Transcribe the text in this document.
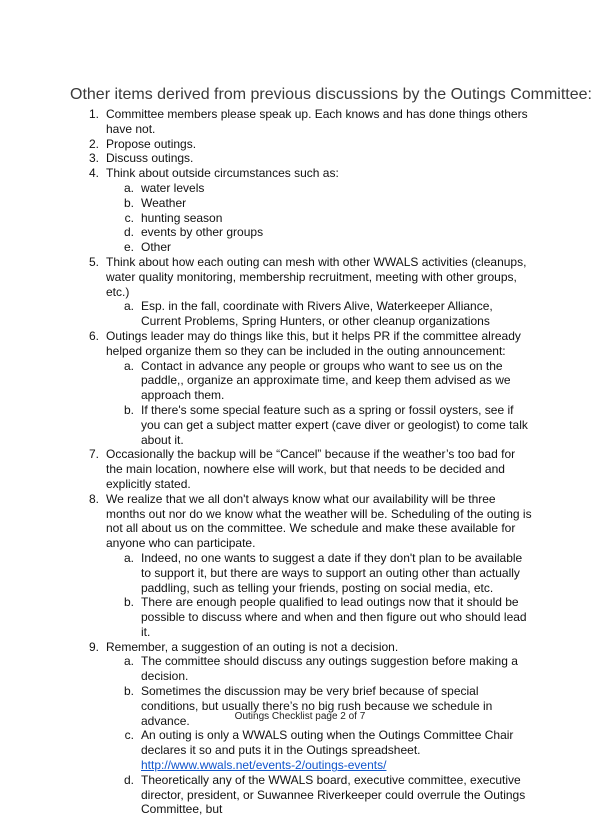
Other items derived from previous discussions by the Outings Committee:
1. Committee members please speak up. Each knows and has done things others have not.
2. Propose outings.
3. Discuss outings.
4. Think about outside circumstances such as:
a. water levels
b. Weather
c. hunting season
d. events by other groups
e. Other
5. Think about how each outing can mesh with other WWALS activities (cleanups, water quality monitoring, membership recruitment, meeting with other groups, etc.)
a. Esp. in the fall, coordinate with Rivers Alive, Waterkeeper Alliance, Current Problems, Spring Hunters, or other cleanup organizations
6. Outings leader may do things like this, but it helps PR if the committee already helped organize them so they can be included in the outing announcement:
a. Contact in advance any people or groups who want to see us on the paddle,, organize an approximate time, and keep them advised as we approach them.
b. If there's some special feature such as a spring or fossil oysters, see if you can get a subject matter expert (cave diver or geologist) to come talk about it.
7. Occasionally the backup will be “Cancel” because if the weather’s too bad for the main location, nowhere else will work, but that needs to be decided and explicitly stated.
8. We realize that we all don't always know what our availability will be three months out nor do we know what the weather will be. Scheduling of the outing is not all about us on the committee. We schedule and make these available for anyone who can participate.
a. Indeed, no one wants to suggest a date if they don't plan to be available to support it, but there are ways to support an outing other than actually paddling, such as telling your friends, posting on social media, etc.
b. There are enough people qualified to lead outings now that it should be possible to discuss where and when and then figure out who should lead it.
9. Remember, a suggestion of an outing is not a decision.
a. The committee should discuss any outings suggestion before making a decision.
b. Sometimes the discussion may be very brief because of special conditions, but usually there’s no big rush because we schedule in advance.
c. An outing is only a WWALS outing when the Outings Committee Chair declares it so and puts it in the Outings spreadsheet.
http://www.wwals.net/events-2/outings-events/
d. Theoretically any of the WWALS board, executive committee, executive director, president, or Suwannee Riverkeeper could overrule the Outings Committee, but
Outings Checklist page 2 of 7
